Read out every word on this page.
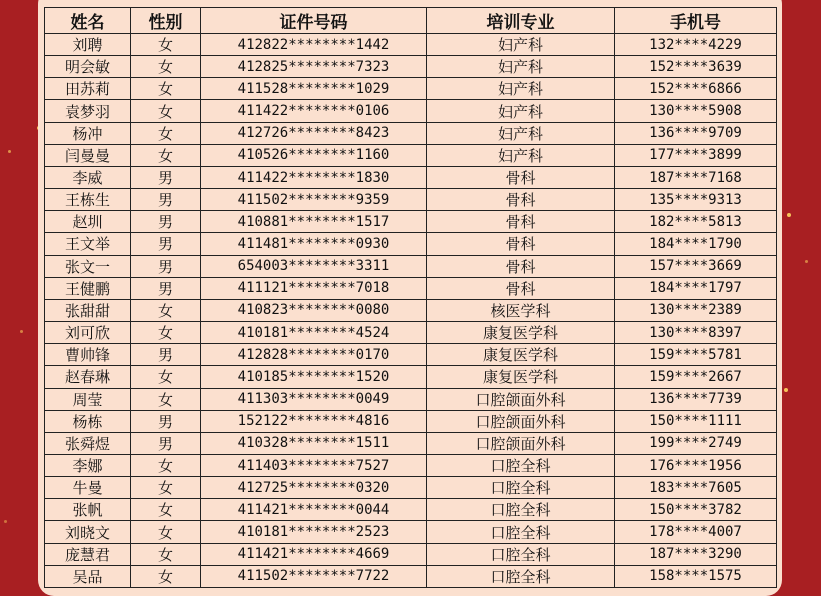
姓名	性别	证件号码	培训专业	手机号
刘聘	女	412822********1442	妇产科	132****4229
明会敏	女	412825********7323	妇产科	152****3639
田苏莉	女	411528********1029	妇产科	152****6866
袁梦羽	女	411422********0106	妇产科	130****5908
杨冲	女	412726********8423	妇产科	136****9709
闫曼曼	女	410526********1160	妇产科	177****3899
李威	男	411422********1830	骨科	187****7168
王栋生	男	411502********9359	骨科	135****9313
赵圳	男	410881********1517	骨科	182****5813
王文举	男	411481********0930	骨科	184****1790
张文一	男	654003********3311	骨科	157****3669
王健鹏	男	411121********7018	骨科	184****1797
张甜甜	女	410823********0080	核医学科	130****2389
刘可欣	女	410181********4524	康复医学科	130****8397
曹帅锋	男	412828********0170	康复医学科	159****5781
赵春琳	女	410185********1520	康复医学科	159****2667
周莹	女	411303********0049	口腔颌面外科	136****7739
杨栋	男	152122********4816	口腔颌面外科	150****1111
张舜煜	男	410328********1511	口腔颌面外科	199****2749
李娜	女	411403********7527	口腔全科	176****1956
牛曼	女	412725********0320	口腔全科	183****7605
张帆	女	411421********0044	口腔全科	150****3782
刘晓文	女	410181********2523	口腔全科	178****4007
庞慧君	女	411421********4669	口腔全科	187****3290
吴品	女	411502********7722	口腔全科	158****1575
